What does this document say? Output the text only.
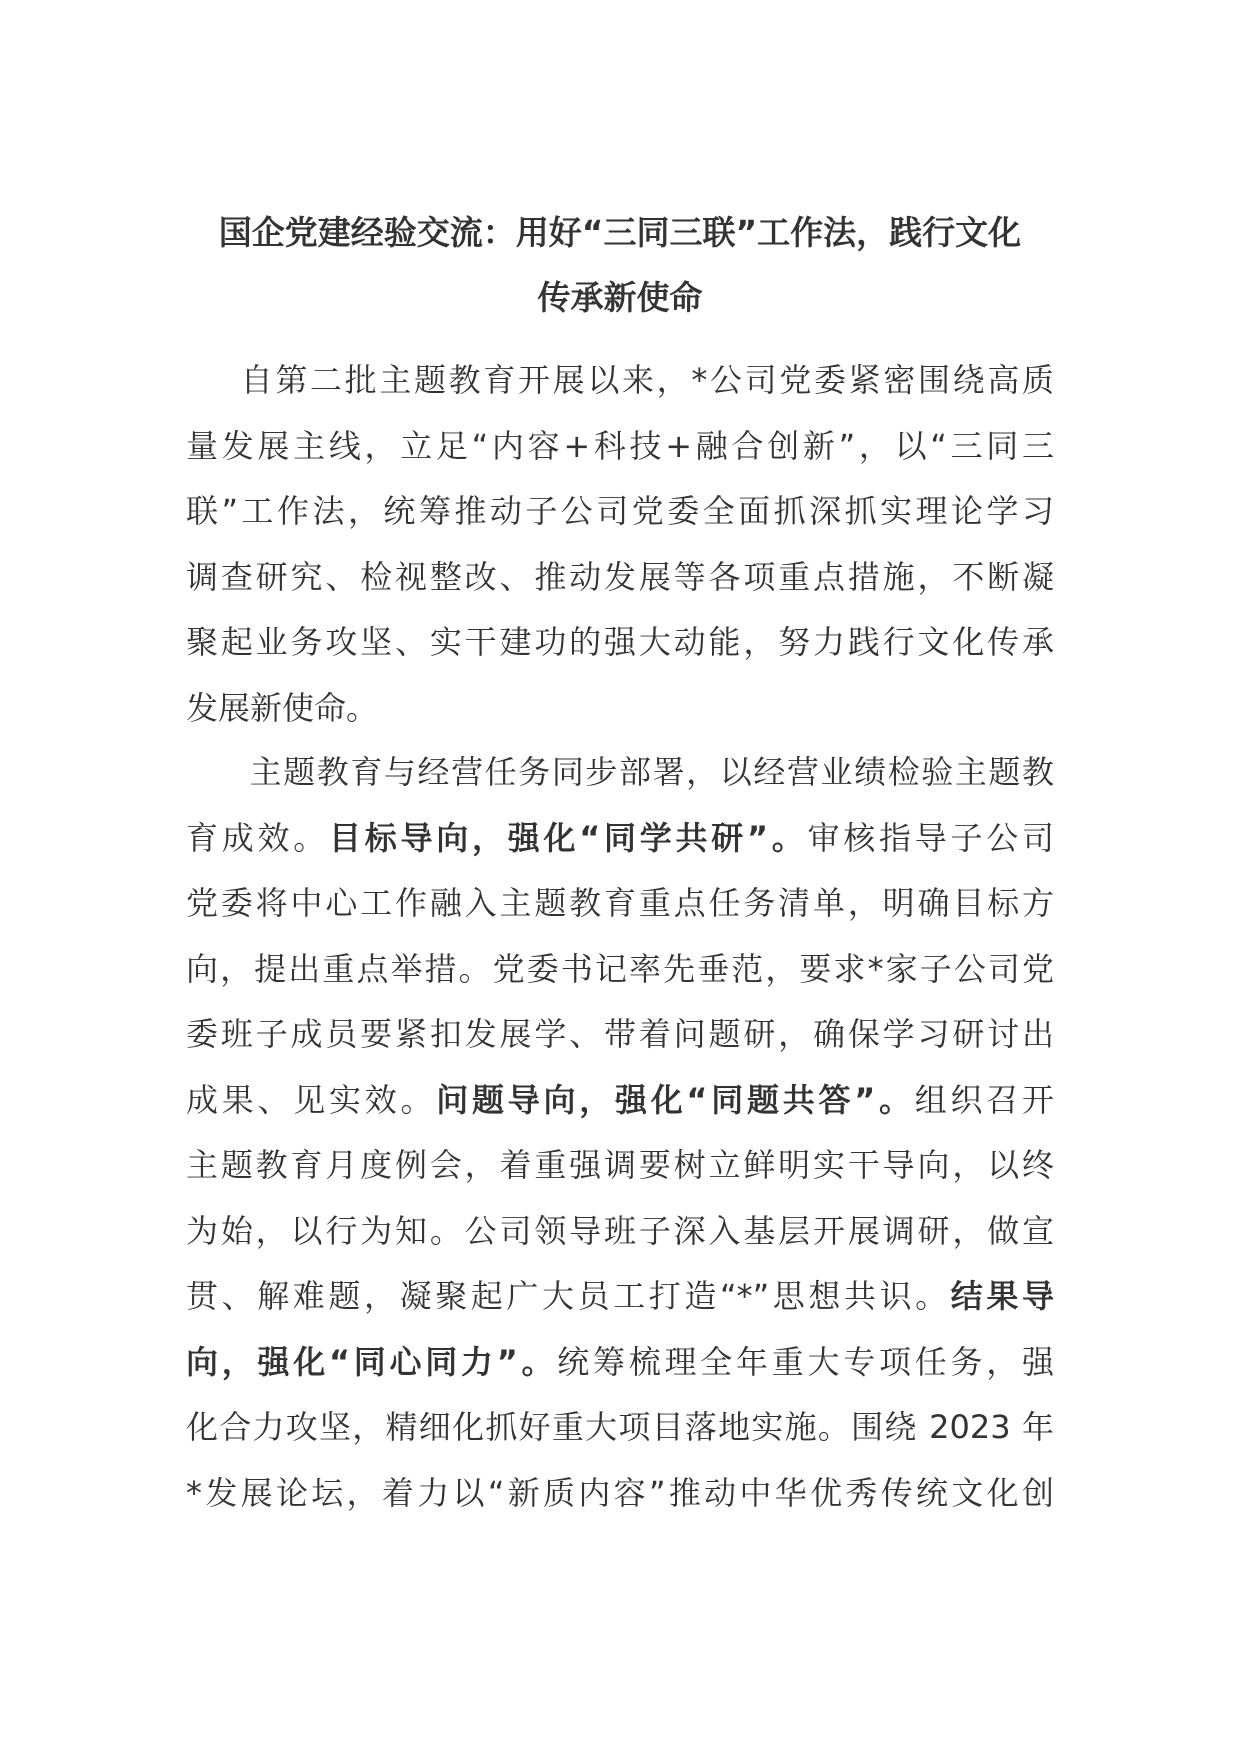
国企党建经验交流：用好“三同三联”工作法，践行文化
传承新使命
自第二批主题教育开展以来，*公司党委紧密围绕高质
量发展主线，立足“内容+科技+融合创新”，以“三同三
联”工作法，统筹推动子公司党委全面抓深抓实理论学习
调查研究、检视整改、推动发展等各项重点措施，不断凝
聚起业务攻坚、实干建功的强大动能，努力践行文化传承
发展新使命。
主题教育与经营任务同步部署，以经营业绩检验主题教
育成效。目标导向，强化“同学共研”。审核指导子公司
党委将中心工作融入主题教育重点任务清单，明确目标方
向，提出重点举措。党委书记率先垂范，要求*家子公司党
委班子成员要紧扣发展学、带着问题研，确保学习研讨出
成果、见实效。问题导向，强化“同题共答”。组织召开
主题教育月度例会，着重强调要树立鲜明实干导向，以终
为始，以行为知。公司领导班子深入基层开展调研，做宣
贯、解难题，凝聚起广大员工打造“*”思想共识。结果导
向，强化“同心同力”。统筹梳理全年重大专项任务，强
化合力攻坚，精细化抓好重大项目落地实施。围绕 2023 年
*发展论坛，着力以“新质内容”推动中华优秀传统文化创
